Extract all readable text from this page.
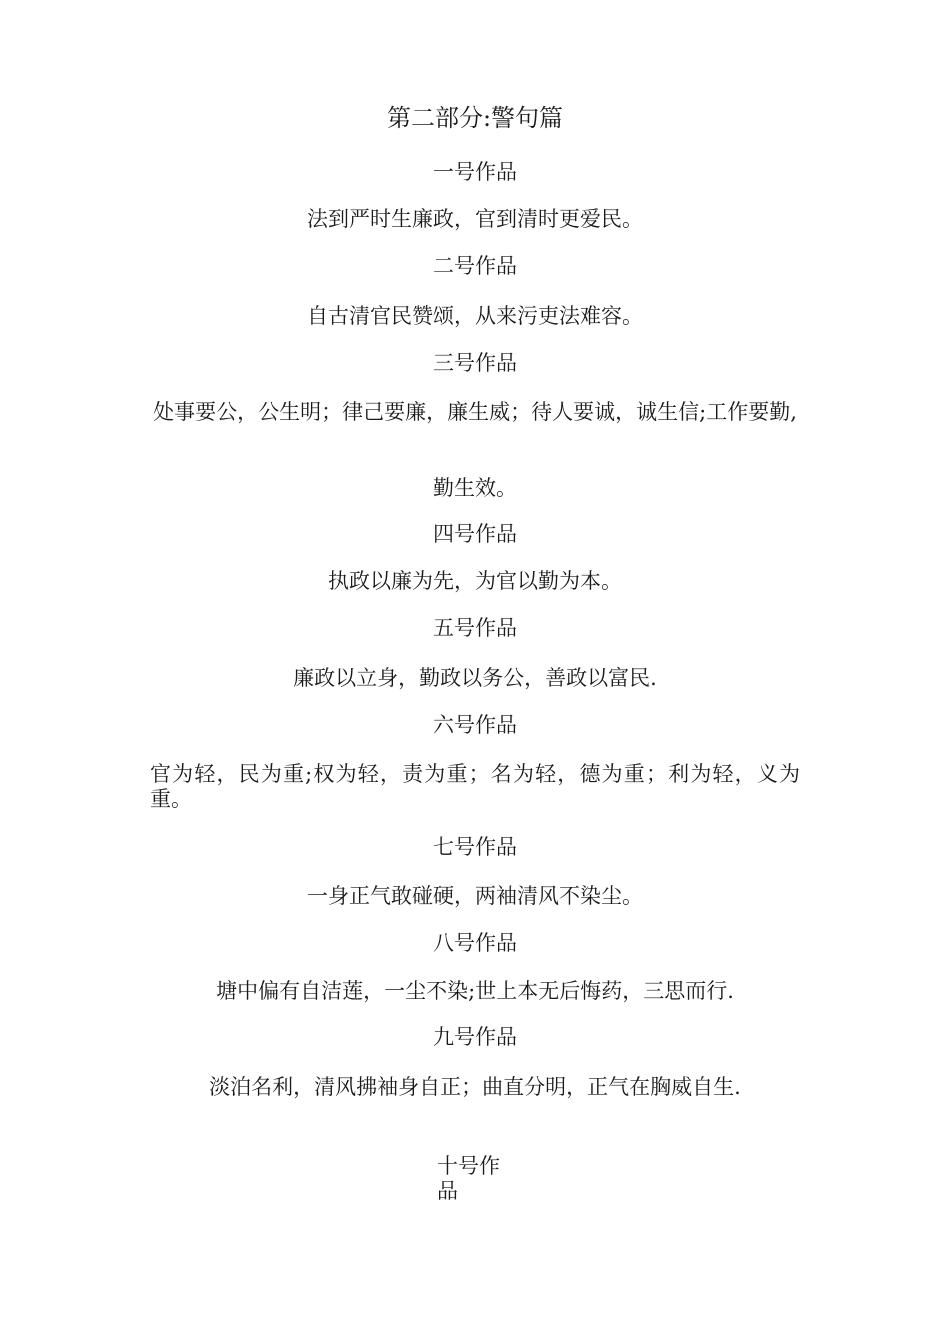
第二部分:警句篇
一号作品
法到严时生廉政，官到清时更爱民。
二号作品
自古清官民赞颂，从来污吏法难容。
三号作品
处事要公，公生明；律己要廉，廉生威；待人要诚，诚生信;工作要勤,
勤生效。
四号作品
执政以廉为先，为官以勤为本。
五号作品
廉政以立身，勤政以务公，善政以富民.
六号作品
官为轻，民为重;权为轻，责为重；名为轻，德为重；利为轻，义为重。
七号作品
一身正气敢碰硬，两袖清风不染尘。
八号作品
塘中偏有自洁莲，一尘不染;世上本无后悔药，三思而行.
九号作品
淡泊名利，清风拂袖身自正；曲直分明，正气在胸威自生.
十号作品
